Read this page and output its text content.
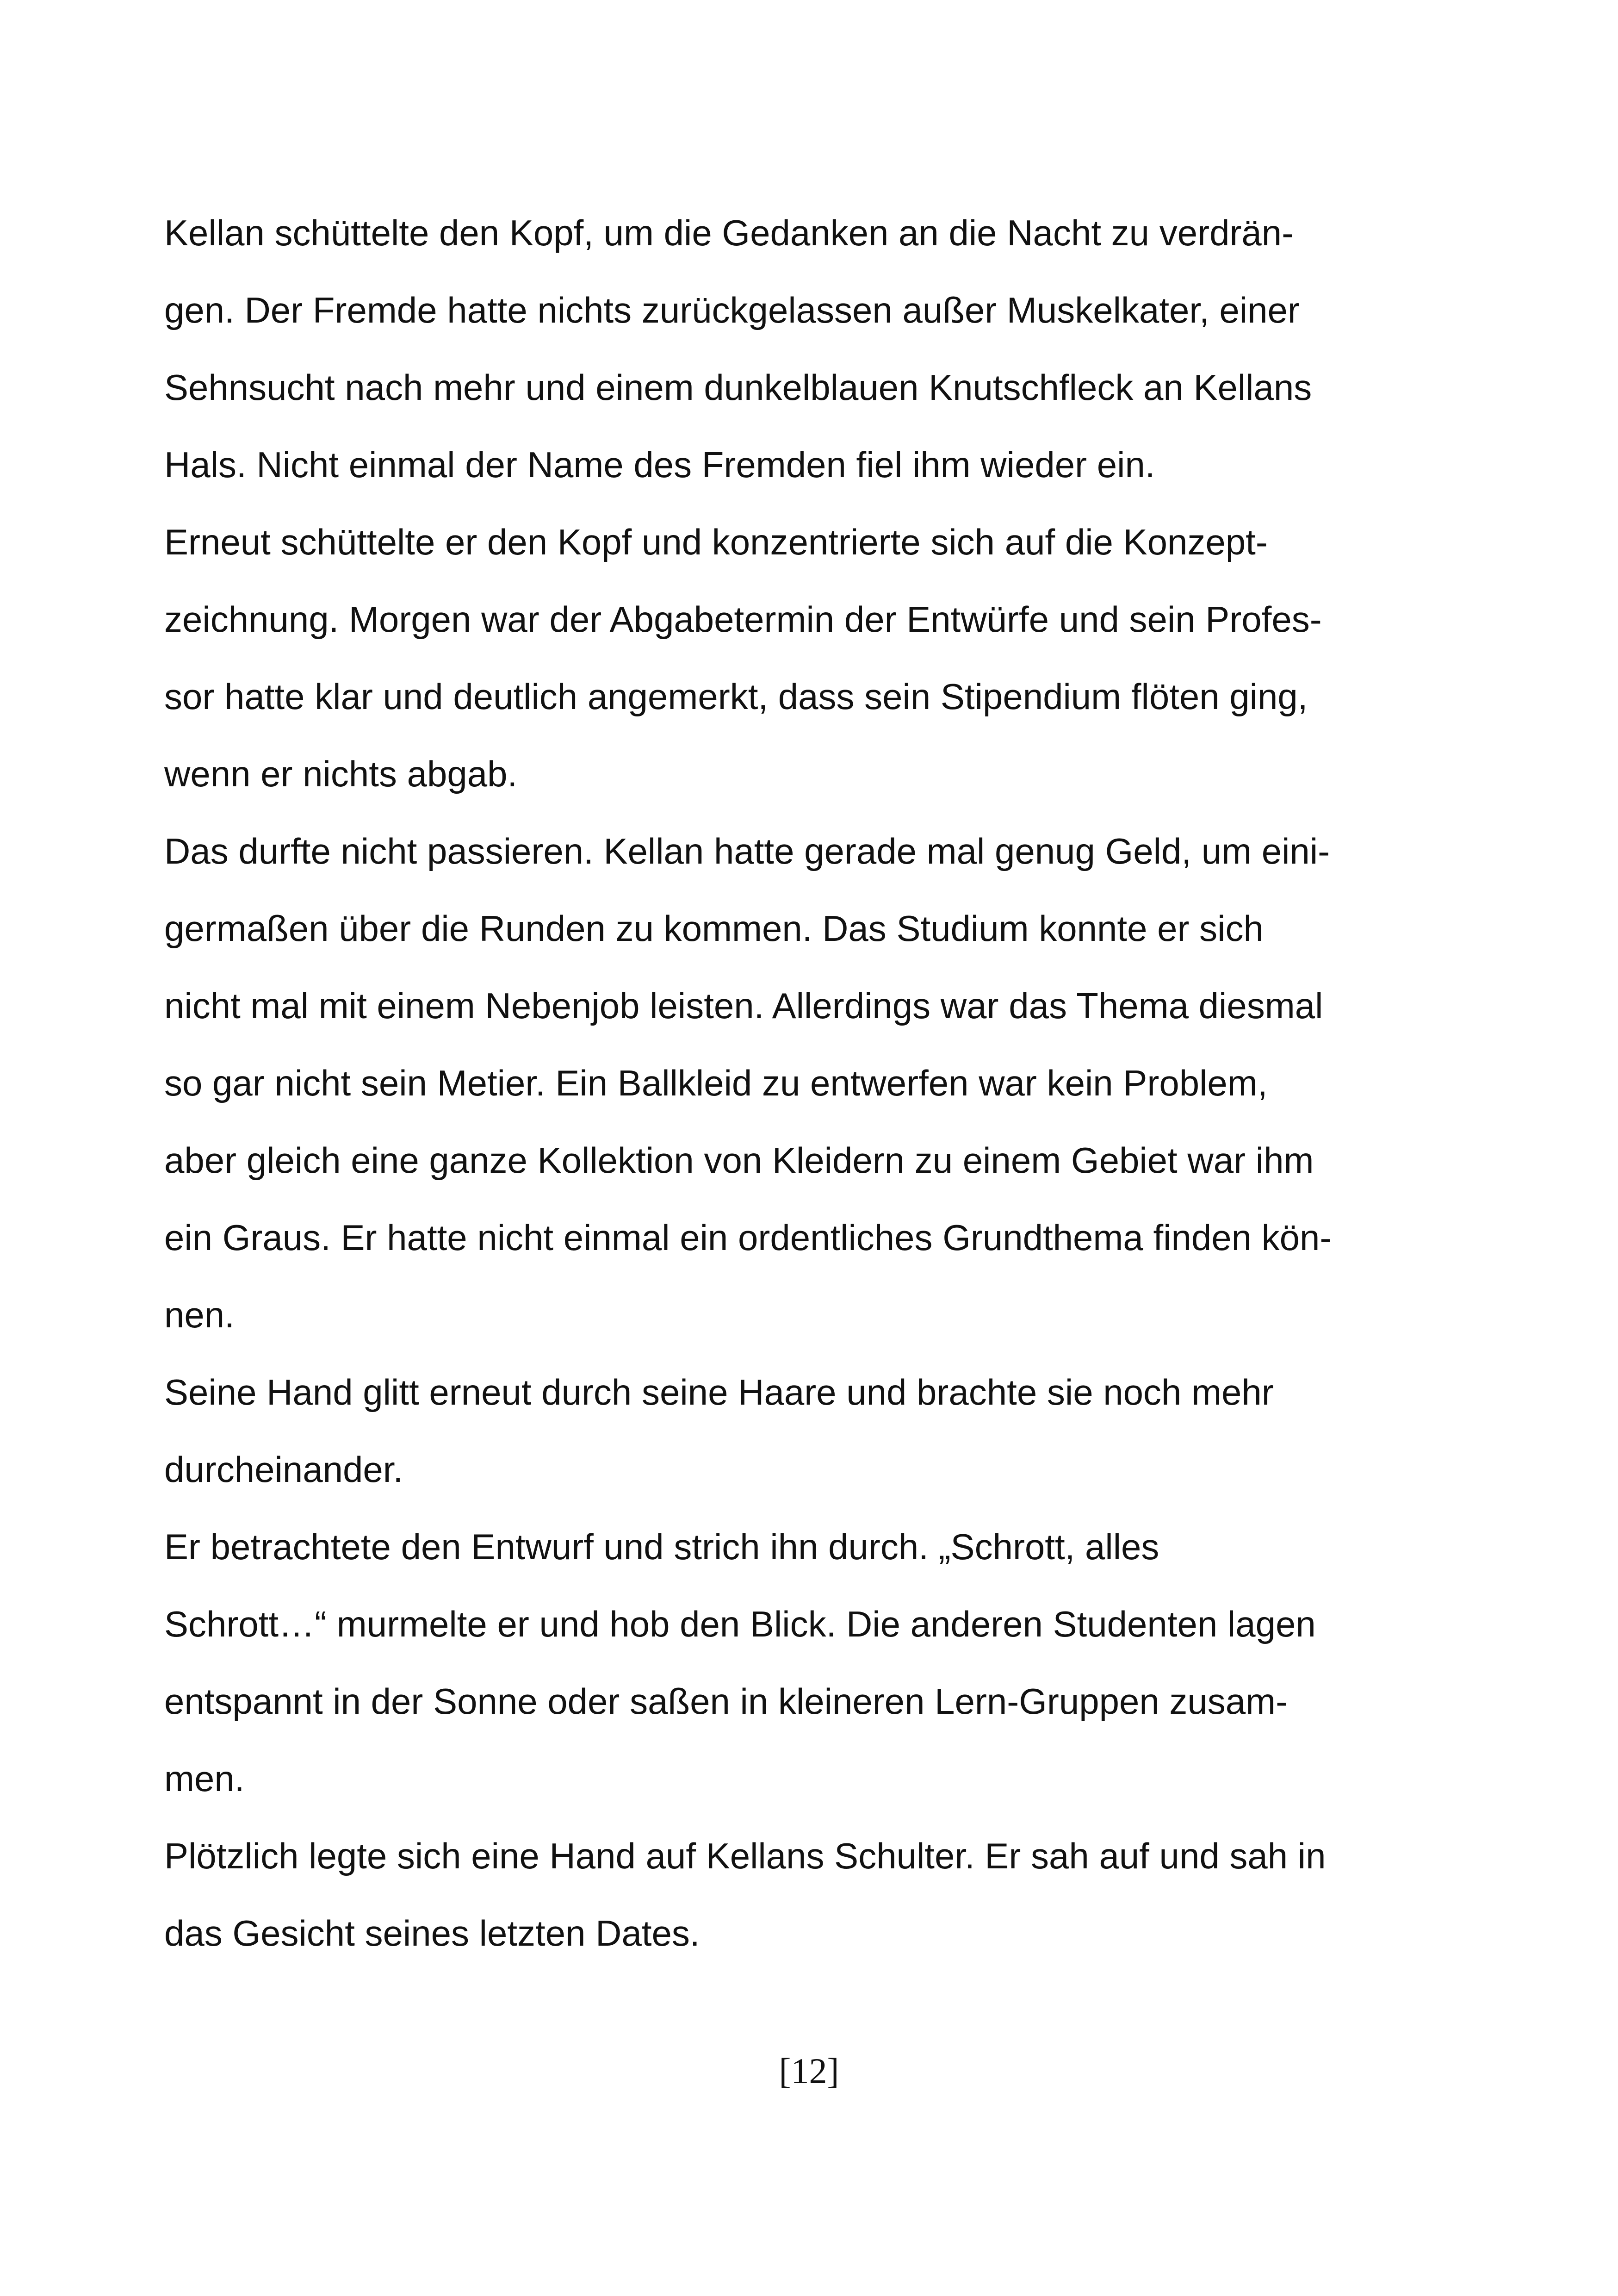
Kellan schüttelte den Kopf, um die Gedanken an die Nacht zu verdrän-
gen. Der Fremde hatte nichts zurückgelassen außer Muskelkater, einer
Sehnsucht nach mehr und einem dunkelblauen Knutschfleck an Kellans
Hals. Nicht einmal der Name des Fremden fiel ihm wieder ein.
Erneut schüttelte er den Kopf und konzentrierte sich auf die Konzept-
zeichnung. Morgen war der Abgabetermin der Entwürfe und sein Profes-
sor hatte klar und deutlich angemerkt, dass sein Stipendium flöten ging,
wenn er nichts abgab.
Das durfte nicht passieren. Kellan hatte gerade mal genug Geld, um eini-
germaßen über die Runden zu kommen. Das Studium konnte er sich
nicht mal mit einem Nebenjob leisten. Allerdings war das Thema diesmal
so gar nicht sein Metier. Ein Ballkleid zu entwerfen war kein Problem,
aber gleich eine ganze Kollektion von Kleidern zu einem Gebiet war ihm
ein Graus. Er hatte nicht einmal ein ordentliches Grundthema finden kön-
nen.
Seine Hand glitt erneut durch seine Haare und brachte sie noch mehr
durcheinander.
Er betrachtete den Entwurf und strich ihn durch. „Schrott, alles
Schrott…“ murmelte er und hob den Blick. Die anderen Studenten lagen
entspannt in der Sonne oder saßen in kleineren Lern-Gruppen zusam-
men.
Plötzlich legte sich eine Hand auf Kellans Schulter. Er sah auf und sah in
das Gesicht seines letzten Dates.
[12]
